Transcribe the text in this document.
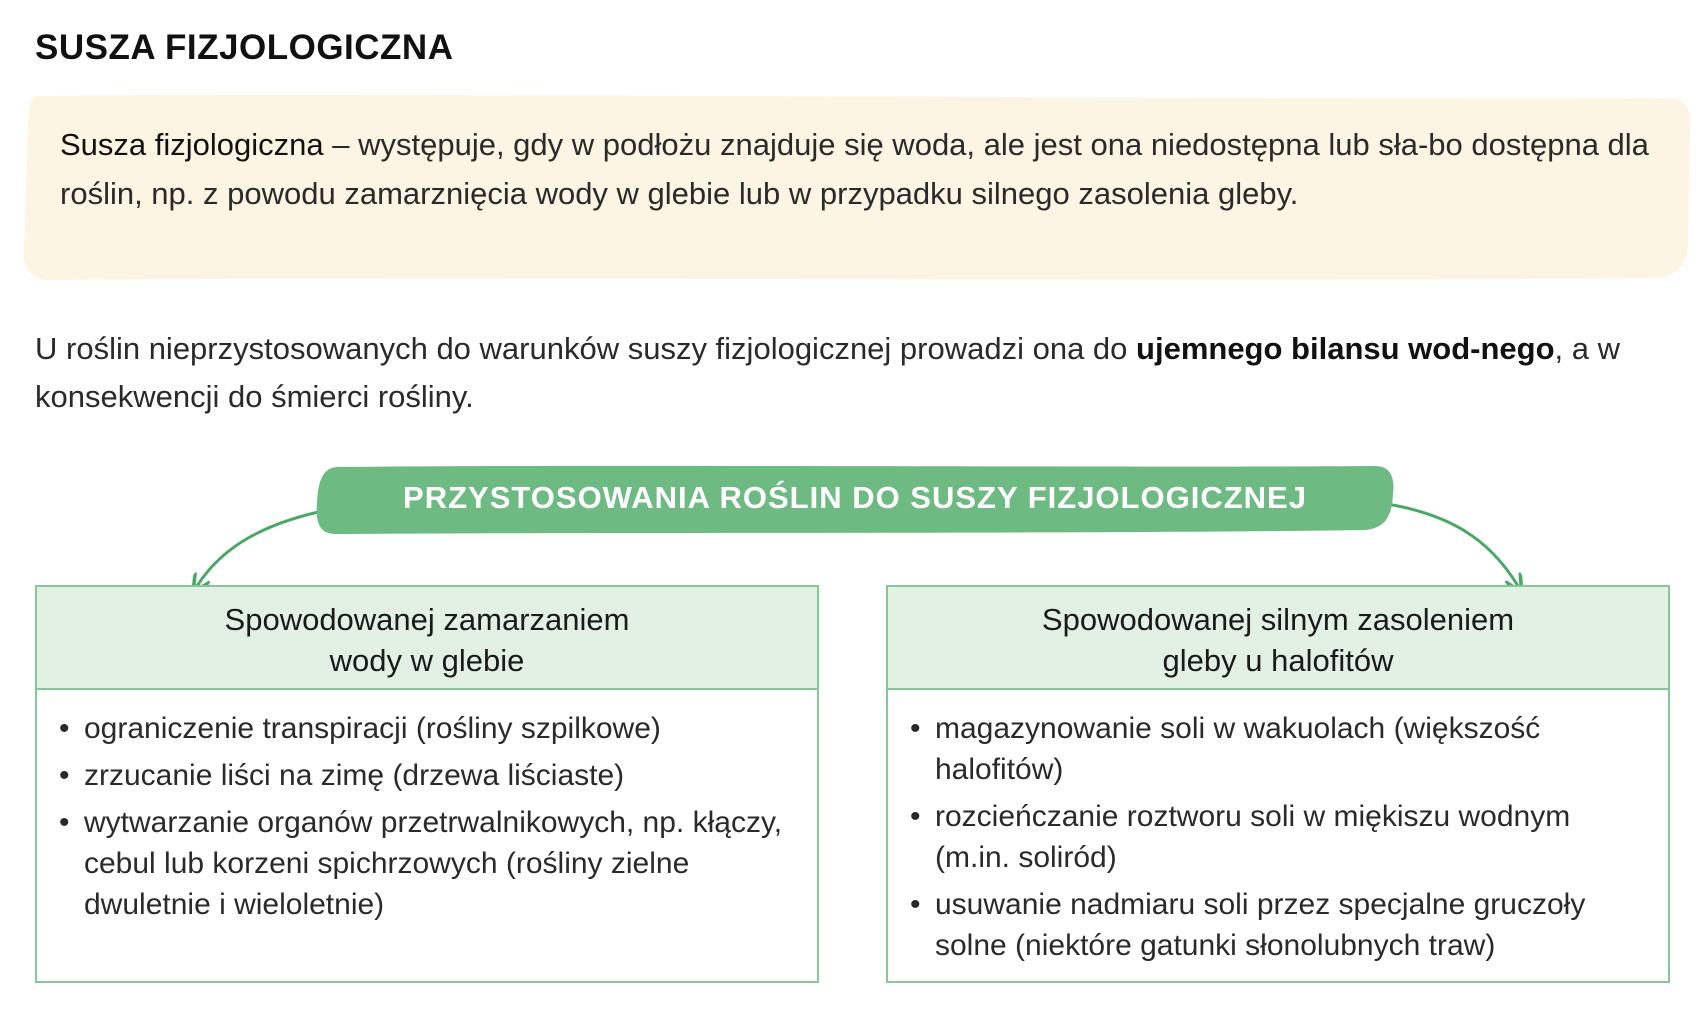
SUSZA FIZJOLOGICZNA
Susza fizjologiczna – występuje, gdy w podłożu znajduje się woda, ale jest ona niedostępna lub sła-bo dostępna dla roślin, np. z powodu zamarznięcia wody w glebie lub w przypadku silnego zasolenia gleby.
U roślin nieprzystosowanych do warunków suszy fizjologicznej prowadzi ona do ujemnego bilansu wod-nego, a w konsekwencji do śmierci rośliny.
PRZYSTOSOWANIA ROŚLIN DO SUSZY FIZJOLOGICZNEJ
Spowodowanej zamarzaniem
wody w glebie
• ograniczenie transpiracji (rośliny szpilkowe)
• zrzucanie liści na zimę (drzewa liściaste)
• wytwarzanie organów przetrwalnikowych, np. kłączy, cebul lub korzeni spichrzowych (rośliny zielne dwuletnie i wieloletnie)
Spowodowanej silnym zasoleniem
gleby u halofitów
• magazynowanie soli w wakuolach (większość halofitów)
• rozcieńczanie roztworu soli w miękiszu wodnym (m.in. soliród)
• usuwanie nadmiaru soli przez specjalne gruczoły solne (niektóre gatunki słonolubnych traw)
